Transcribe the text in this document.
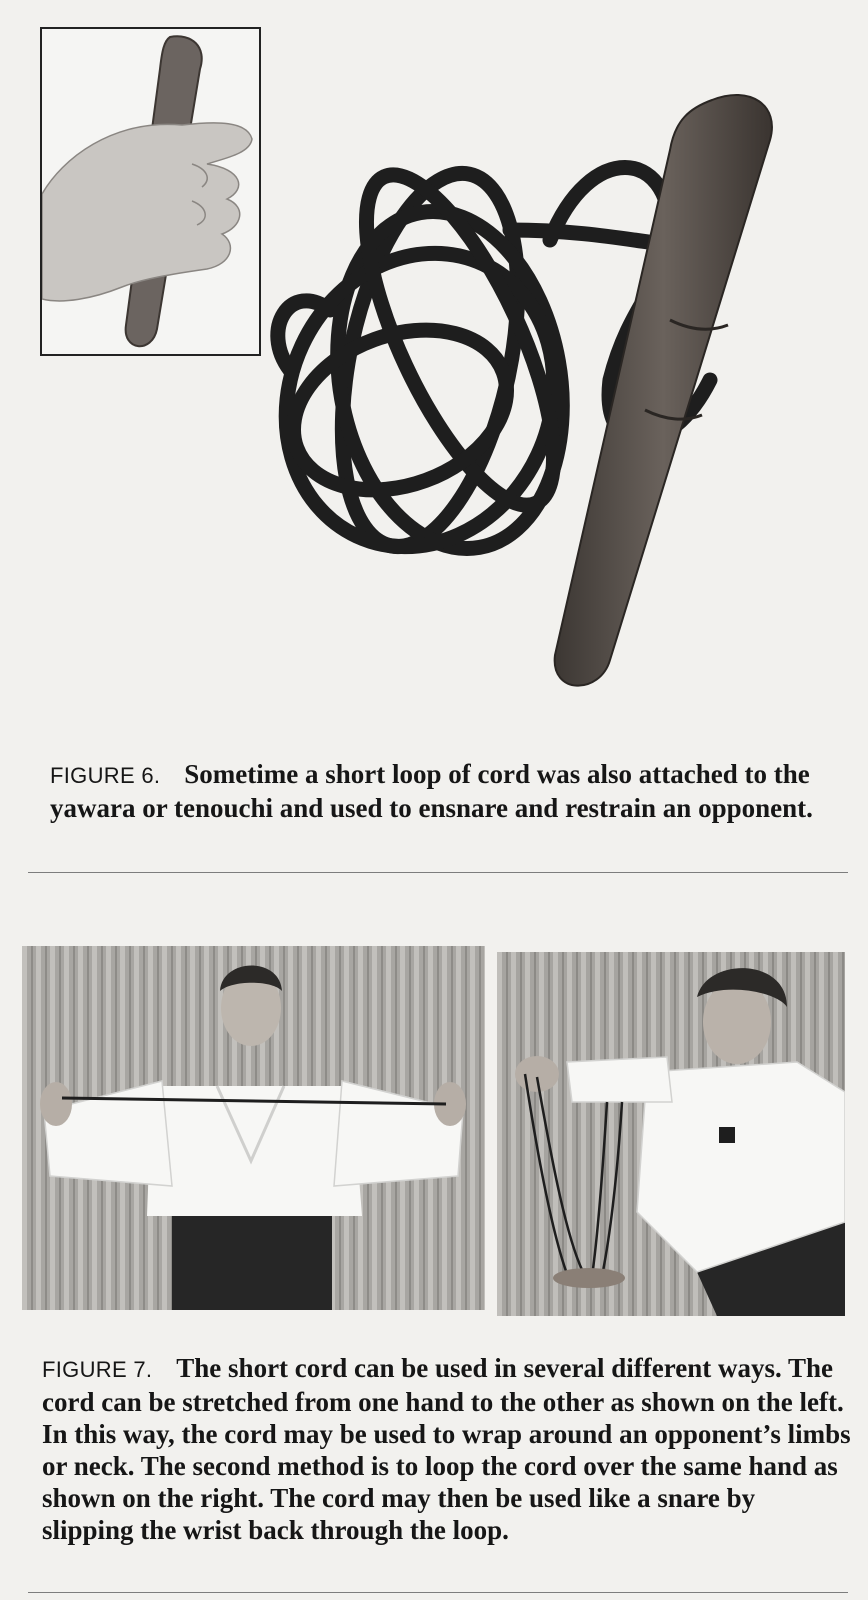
FIGURE 6. Sometime a short loop of cord was also attached to the yawara or tenouchi and used to ensnare and restrain an opponent.

FIGURE 7. The short cord can be used in several different ways. The cord can be stretched from one hand to the other as shown on the left. In this way, the cord may be used to wrap around an opponent’s limbs or neck. The second method is to loop the cord over the same hand as shown on the right. The cord may then be used like a snare by slipping the wrist back through the loop.
